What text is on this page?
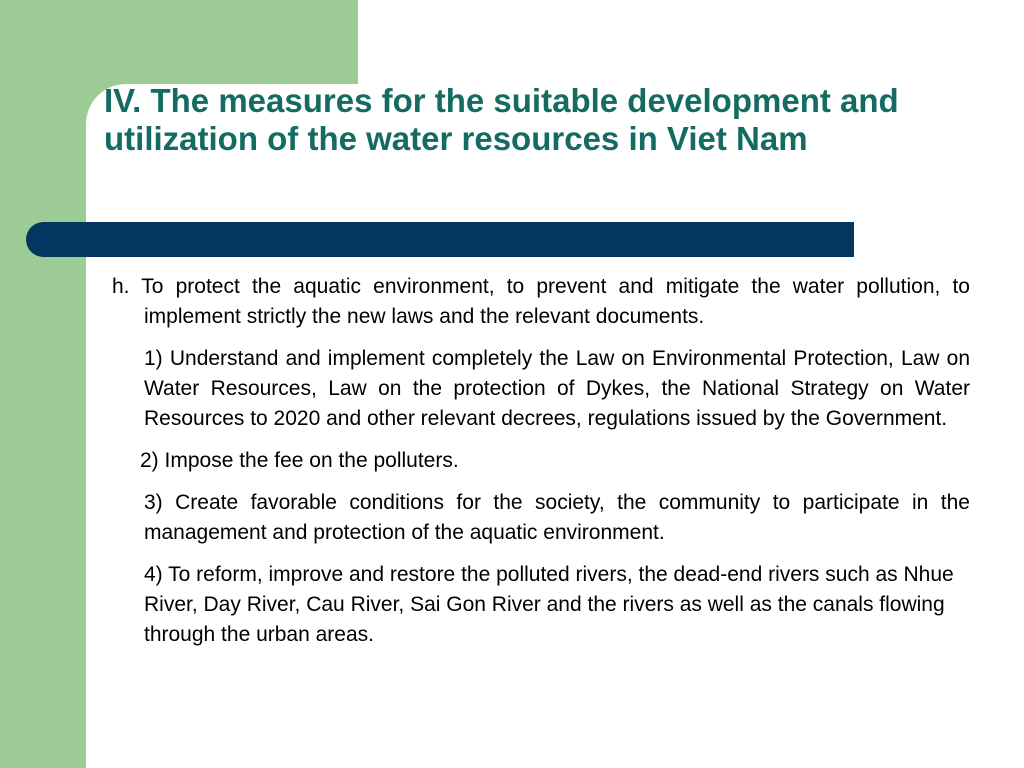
IV. The measures for the suitable development and utilization of the water resources in Viet Nam

h. To protect the aquatic environment, to prevent and mitigate the water pollution, to implement strictly the new laws and the relevant documents.

1) Understand and implement completely the Law on Environmental Protection, Law on Water Resources, Law on the protection of Dykes, the National Strategy on Water Resources to 2020 and other relevant decrees, regulations issued by the Government.

2) Impose the fee on the polluters.

3) Create favorable conditions for the society, the community to participate in the management and protection of the aquatic environment.

4) To reform, improve and restore the polluted rivers, the dead-end rivers such as Nhue River, Day River, Cau River, Sai Gon River and the rivers as well as the canals flowing through the urban areas.
